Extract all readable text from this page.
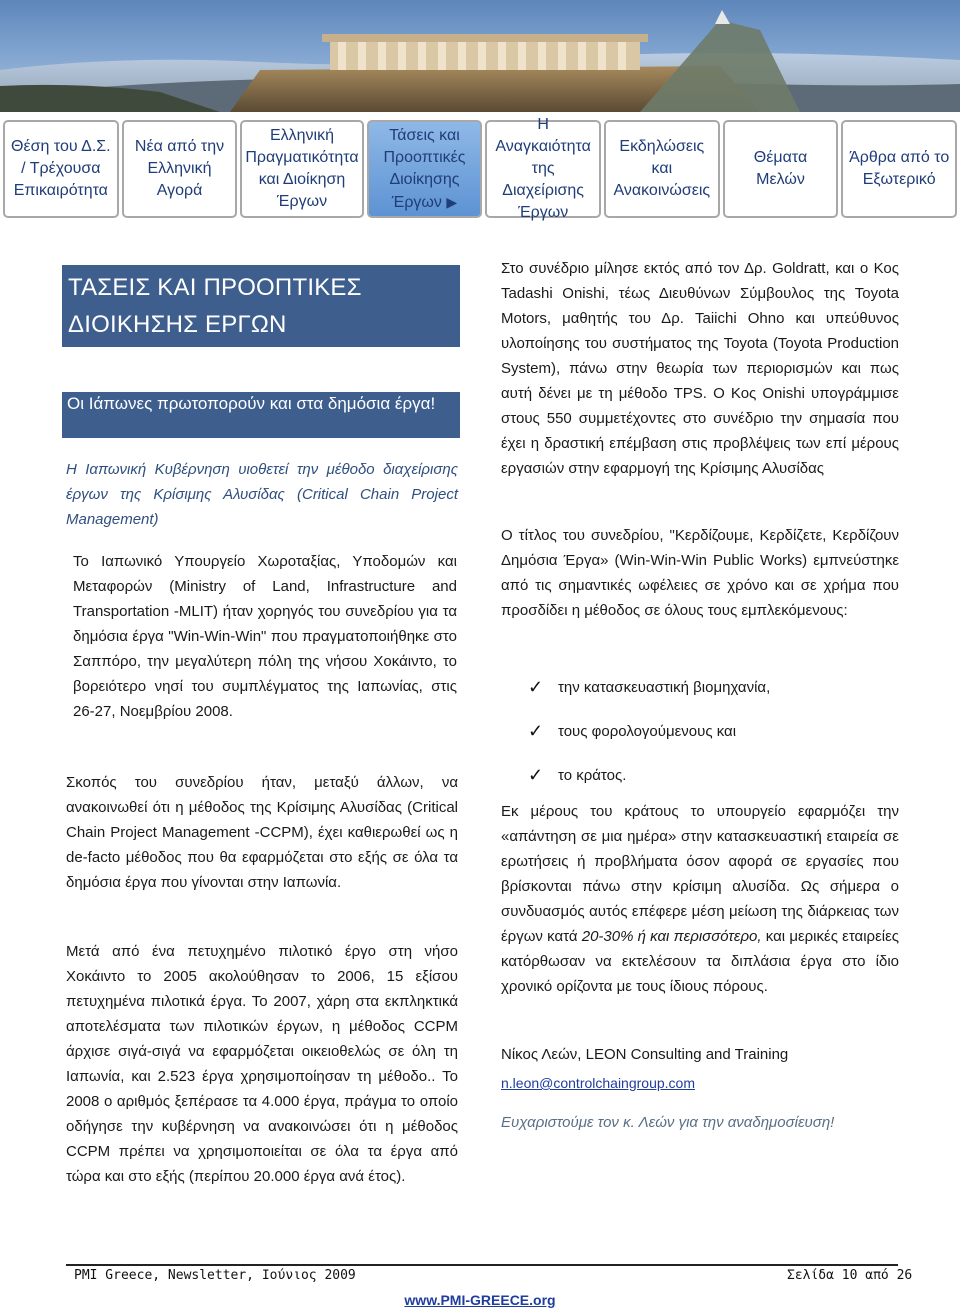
Θέση του Δ.Σ. / Τρέχουσα Επικαιρότητα
Νέα από την Ελληνική Αγορά
Ελληνική Πραγματικότητα και Διοίκηση Έργων
Τάσεις και Προοπτικές Διοίκησης Έργων ▶
Η Αναγκαιότητα της Διαχείρισης Έργων
Εκδηλώσεις και Ανακοινώσεις
Θέματα Μελών
Άρθρα από το Εξωτερικό
ΤΑΣΕΙΣ ΚΑΙ ΠΡΟΟΠΤΙΚΕΣ
ΔΙΟΙΚΗΣΗΣ ΕΡΓΩΝ
Οι Ιάπωνες πρωτοπορούν και στα δημόσια έργα!
Η Ιαπωνική Κυβέρνηση υιοθετεί την μέθοδο διαχείρισης έργων της Κρίσιμης Αλυσίδας (Critical Chain Project Management)
Το Ιαπωνικό Υπουργείο Χωροταξίας, Υποδομών και Μεταφορών (Ministry of Land, Infrastructure and Transportation -MLIT) ήταν χορηγός του συνεδρίου για τα δημόσια έργα "Win-Win-Win" που πραγματοποιήθηκε στο Σαππόρο, την μεγαλύτερη πόλη της νήσου Χοκάιντο, το βορειότερο νησί του συμπλέγματος της Ιαπωνίας, στις 26-27, Νοεμβρίου 2008.
Σκοπός του συνεδρίου ήταν, μεταξύ άλλων, να ανακοινωθεί ότι η μέθοδος της Κρίσιμης Αλυσίδας (Critical Chain Project Management -CCPM), έχει καθιερωθεί ως η de-facto μέθοδος που θα εφαρμόζεται στο εξής σε όλα τα δημόσια έργα που γίνονται στην Ιαπωνία.
Μετά από ένα πετυχημένο πιλοτικό έργο στη νήσο Χοκάιντο το 2005 ακολούθησαν το 2006, 15 εξίσου πετυχημένα πιλοτικά έργα. Το 2007, χάρη στα εκπληκτικά αποτελέσματα των πιλοτικών έργων, η μέθοδος CCPM άρχισε σιγά-σιγά να εφαρμόζεται οικειοθελώς σε όλη τη Ιαπωνία, και 2.523 έργα χρησιμοποίησαν τη μέθοδο.. Το 2008 ο αριθμός ξεπέρασε τα 4.000 έργα, πράγμα το οποίο οδήγησε την κυβέρνηση να ανακοινώσει ότι η μέθοδος CCPM πρέπει να χρησιμοποιείται σε όλα τα έργα από τώρα και στο εξής (περίπου 20.000 έργα ανά έτος).
Στο συνέδριο μίλησε εκτός από τον Δρ. Goldratt, και ο Κος Tadashi Onishi, τέως Διευθύνων Σύμβουλος της Toyota Motors, μαθητής του Δρ. Taiichi Ohno και υπεύθυνος υλοποίησης του συστήματος της Toyota (Toyota Production System), πάνω στην θεωρία των περιορισμών και πως αυτή δένει με τη μέθοδο TPS. Ο Κος Onishi υπογράμμισε στους 550 συμμετέχοντες στο συνέδριο την σημασία που έχει η δραστική επέμβαση στις προβλέψεις των επί μέρους εργασιών στην εφαρμογή της Κρίσιμης Αλυσίδας
Ο τίτλος του συνεδρίου, "Κερδίζουμε, Κερδίζετε, Κερδίζουν Δημόσια Έργα» (Win-Win-Win Public Works) εμπνεύστηκε από τις σημαντικές ωφέλειες σε χρόνο και σε χρήμα που προσδίδει η μέθοδος σε όλους τους εμπλεκόμενους:
✓ την κατασκευαστική βιομηχανία,
✓ τους φορολογούμενους και
✓ το κράτος.
Εκ μέρους του κράτους το υπουργείο εφαρμόζει την «απάντηση σε μια ημέρα» στην κατασκευαστική εταιρεία σε ερωτήσεις ή προβλήματα όσον αφορά σε εργασίες που βρίσκονται πάνω στην κρίσιμη αλυσίδα. Ως σήμερα ο συνδυασμός αυτός επέφερε μέση μείωση της διάρκειας των έργων κατά 20-30% ή και περισσότερο, και μερικές εταιρείες κατόρθωσαν να εκτελέσουν τα διπλάσια έργα στο ίδιο χρονικό ορίζοντα με τους ίδιους πόρους.
Νίκος Λεών, LEON Consulting and Training
n.leon@controlchaingroup.com
Ευχαριστούμε τον κ. Λεών για την αναδημοσίευση!
PMI Greece, Newsletter, Ιούνιος 2009	Σελίδα 10 από 26
www.PMI-GREECE.org
